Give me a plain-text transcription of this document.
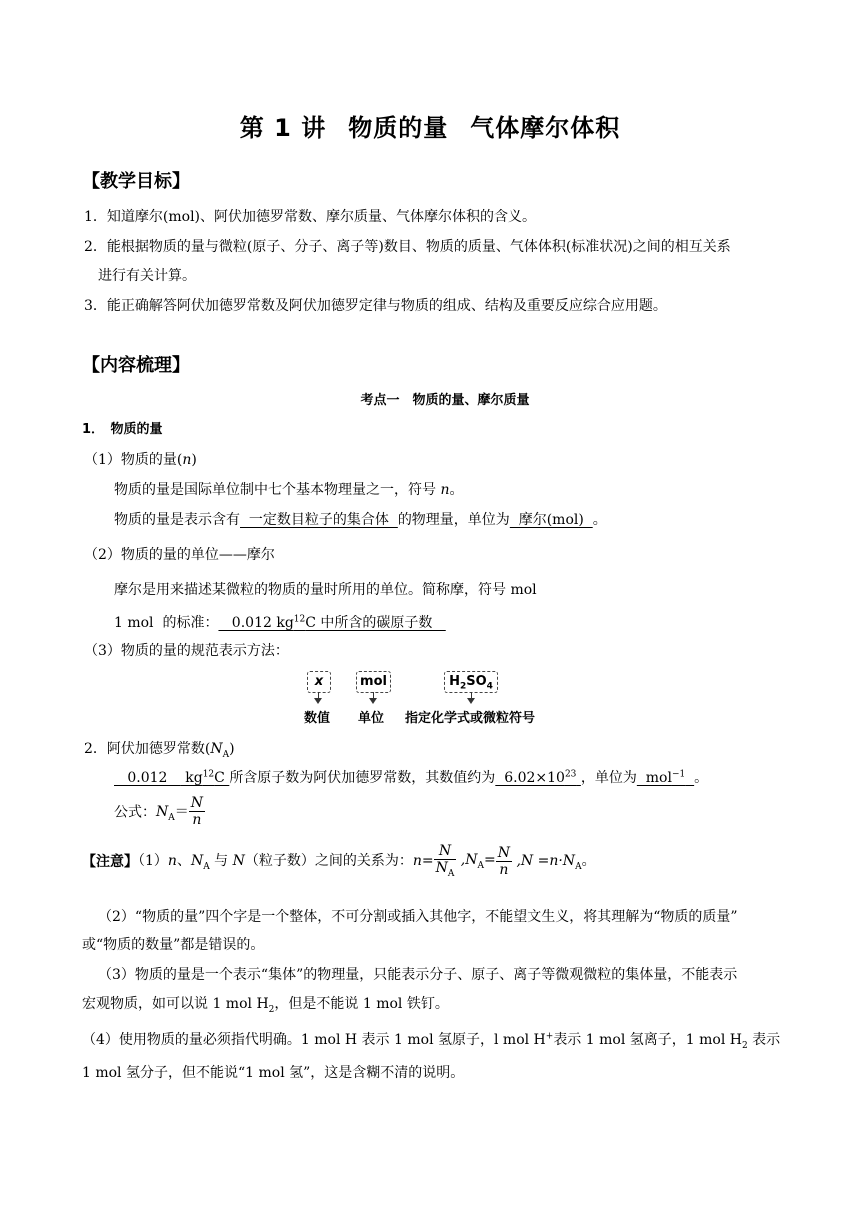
第 1 讲 物质的量 气体摩尔体积
【教学目标】
1．知道摩尔(mol)、阿伏加德罗常数、摩尔质量、气体摩尔体积的含义。
2．能根据物质的量与微粒(原子、分子、离子等)数目、物质的质量、气体体积(标准状况)之间的相互关系
进行有关计算。
3．能正确解答阿伏加德罗常数及阿伏加德罗定律与物质的组成、结构及重要反应综合应用题。
【内容梳理】
考点一　物质的量、摩尔质量
1．　物质的量
（1）物质的量(n)
物质的量是国际单位制中七个基本物理量之一，符号 n。
物质的量是表示含有  一定数目粒子的集合体  的物理量，单位为  摩尔(mol)  。
（2）物质的量的单位——摩尔
摩尔是用来描述某微粒的物质的量时所用的单位。简称摩，符号 mol
1 mol  的标准：   0.012 $kg^{12}C$ 中所含的碳原子数
（3）物质的量的规范表示方法：
x	mol	$H_2SO_4$
数值 单位 指定化学式或微粒符号
2．阿伏加德罗常数$(N_A)$
0.012    $kg^{12}C$ 所含原子数为阿伏加德罗常数，其数值约为  $6.02\times 10^{23}$ ，单位为  mol$^{-1}$ 。
公式：$N_A= \frac{N}{n}$
【注意】（1）n、$N_A$ 与 N（粒子数）之间的关系为：$n= \frac{N}{N_A} ,N_A= \frac{N}{n} ,N =n\cdot N_A$。
（2）“物质的量”四个字是一个整体，不可分割或插入其他字，不能望文生义，将其理解为“物质的质量”
或“物质的数量”都是错误的。
（3）物质的量是一个表示“集体”的物理量，只能表示分子、原子、离子等微观微粒的集体量，不能表示
宏观物质，如可以说 1 mol $H_2$，但是不能说 1 mol 铁钉。
（4）使用物质的量必须指代明确。1 mol H 表示 1 mol 氢原子，l mol H+表示 1 mol 氢离子，1 mol $H_2$ 表示
1 mol 氢分子，但不能说“1 mol 氢”，这是含糊不清的说明。
